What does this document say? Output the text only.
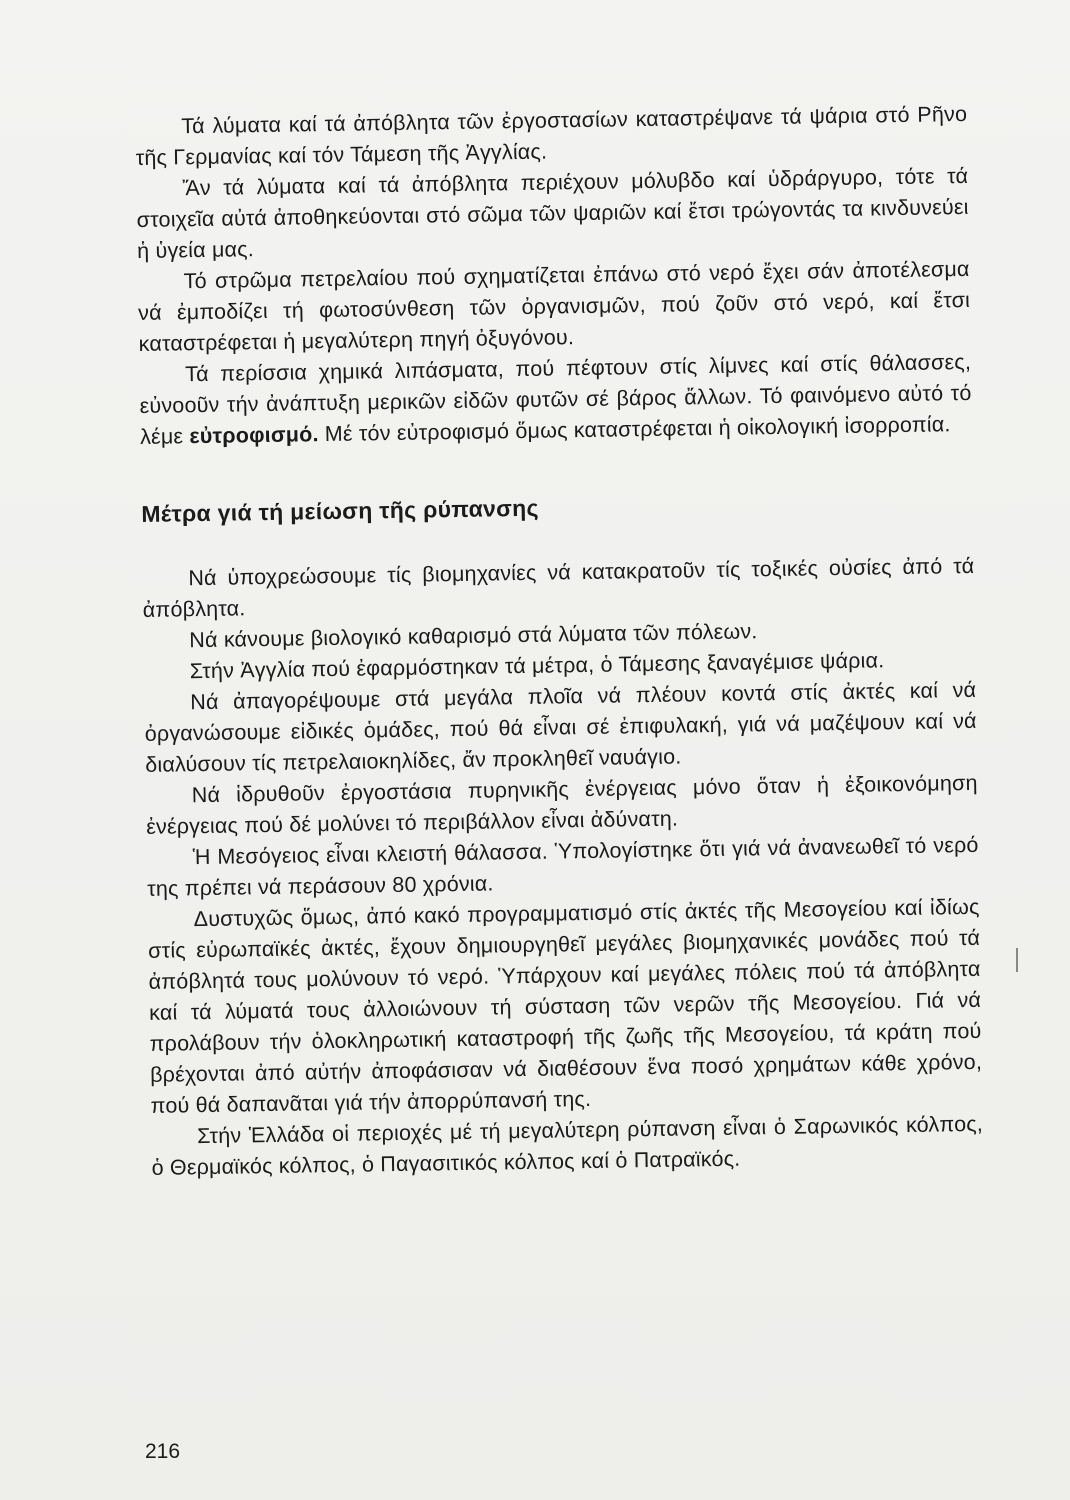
Τά λύματα καί τά ἀπόβλητα τῶν ἐργοστασίων καταστρέψανε τά ψάρια στό Ρῆνο τῆς Γερμανίας καί τόν Τάμεση τῆς Ἀγγλίας.

Ἄν τά λύματα καί τά ἀπόβλητα περιέχουν μόλυβδο καί ὑδράργυρο, τότε τά στοιχεῖα αὐτά ἀποθηκεύονται στό σῶμα τῶν ψαριῶν καί ἔτσι τρώγοντάς τα κινδυνεύει ἡ ὑγεία μας.

Τό στρῶμα πετρελαίου πού σχηματίζεται ἐπάνω στό νερό ἔχει σάν ἀποτέλεσμα νά ἐμποδίζει τή φωτοσύνθεση τῶν ὀργανισμῶν, πού ζοῦν στό νερό, καί ἔτσι καταστρέφεται ἡ μεγαλύτερη πηγή ὀξυγόνου.

Τά περίσσια χημικά λιπάσματα, πού πέφτουν στίς λίμνες καί στίς θάλασσες, εὐνοοῦν τήν ἀνάπτυξη μερικῶν εἰδῶν φυτῶν σέ βάρος ἄλλων. Τό φαινόμενο αὐτό τό λέμε εὐτροφισμό. Μέ τόν εὐτροφισμό ὅμως καταστρέφεται ἡ οἰκολογική ἰσορροπία.

Μέτρα γιά τή μείωση τῆς ρύπανσης

Νά ὑποχρεώσουμε τίς βιομηχανίες νά κατακρατοῦν τίς τοξικές οὐσίες ἀπό τά ἀπόβλητα.

Νά κάνουμε βιολογικό καθαρισμό στά λύματα τῶν πόλεων.

Στήν Ἀγγλία πού ἐφαρμόστηκαν τά μέτρα, ὁ Τάμεσης ξαναγέμισε ψάρια.

Νά ἀπαγορέψουμε στά μεγάλα πλοῖα νά πλέουν κοντά στίς ἀκτές καί νά ὀργανώσουμε εἰδικές ὁμάδες, πού θά εἶναι σέ ἐπιφυλακή, γιά νά μαζέψουν καί νά διαλύσουν τίς πετρελαιοκηλίδες, ἄν προκληθεῖ ναυάγιο.

Νά ἱδρυθοῦν ἐργοστάσια πυρηνικῆς ἐνέργειας μόνο ὅταν ἡ ἐξοικονόμηση ἐνέργειας πού δέ μολύνει τό περιβάλλον εἶναι ἀδύνατη.

Ἡ Μεσόγειος εἶναι κλειστή θάλασσα. Ὑπολογίστηκε ὅτι γιά νά ἀνανεωθεῖ τό νερό της πρέπει νά περάσουν 80 χρόνια.

Δυστυχῶς ὅμως, ἀπό κακό προγραμματισμό στίς ἀκτές τῆς Μεσογείου καί ἰδίως στίς εὐρωπαϊκές ἀκτές, ἔχουν δημιουργηθεῖ μεγάλες βιομηχανικές μονάδες πού τά ἀπόβλητά τους μολύνουν τό νερό. Ὑπάρχουν καί μεγάλες πόλεις πού τά ἀπόβλητα καί τά λύματά τους ἀλλοιώνουν τή σύσταση τῶν νερῶν τῆς Μεσογείου. Γιά νά προλάβουν τήν ὁλοκληρωτική καταστροφή τῆς ζωῆς τῆς Μεσογείου, τά κράτη πού βρέχονται ἀπό αὐτήν ἀποφάσισαν νά διαθέσουν ἕνα ποσό χρημάτων κάθε χρόνο, πού θά δαπανᾶται γιά τήν ἀπορρύπανσή της.

Στήν Ἑλλάδα οἱ περιοχές μέ τή μεγαλύτερη ρύπανση εἶναι ὁ Σαρωνικός κόλπος, ὁ Θερμαϊκός κόλπος, ὁ Παγασιτικός κόλπος καί ὁ Πατραϊκός.

216
